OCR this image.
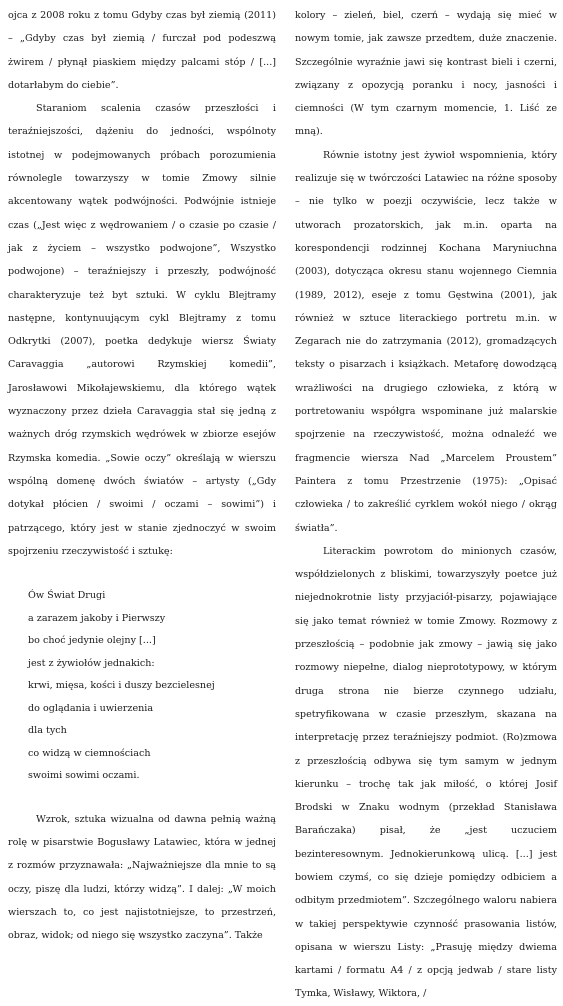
ojca z 2008 roku z tomu Gdyby czas był ziemią (2011) – „Gdyby czas był ziemią / furczał pod podeszwą żwirem / płynął piaskiem między palcami stóp / [...] dotarłabym do ciebie”.

Staraniom scalenia czasów przeszłości i teraźniejszości, dążeniu do jedności, wspólnoty istotnej w podejmowanych próbach porozumienia równolegle towarzyszy w tomie Zmowy silnie akcentowany wątek podwójności. Podwójnie istnieje czas („Jest więc z wędrowaniem / o czasie po czasie / jak z życiem – wszystko podwojone”, Wszystko podwojone) – teraźniejszy i przeszły, podwójność charakteryzuje też byt sztuki. W cyklu Blejtramy następne, kontynuującym cykl Blejtramy z tomu Odkrytki (2007), poetka dedykuje wiersz Światy Caravaggia „autorowi Rzymskiej komedii”, Jarosławowi Mikołajewskiemu, dla którego wątek wyznaczony przez dzieła Caravaggia stał się jedną z ważnych dróg rzymskich wędrówek w zbiorze esejów Rzymska komedia. „Sowie oczy” określają w wierszu wspólną domenę dwóch światów – artysty („Gdy dotykał płócien / swoimi / oczami – sowimi”) i patrzącego, który jest w stanie zjednoczyć w swoim spojrzeniu rzeczywistość i sztukę:

Ów Świat Drugi
a zarazem jakoby i Pierwszy
bo choć jedynie olejny [...]
jest z żywiołów jednakich:
krwi, mięsa, kości i duszy bezcielesnej
do oglądania i uwierzenia
dla tych
co widzą w ciemnościach
swoimi sowimi oczami.

Wzrok, sztuka wizualna od dawna pełnią ważną rolę w pisarstwie Bogusławy Latawiec, która w jednej z rozmów przyznawała: „Najważniejsze dla mnie to są oczy, piszę dla ludzi, którzy widzą”. I dalej: „W moich wierszach to, co jest najistotniejsze, to przestrzeń, obraz, widok; od niego się wszystko zaczyna”. Także

kolory – zieleń, biel, czerń – wydają się mieć w nowym tomie, jak zawsze przedtem, duże znaczenie. Szczególnie wyraźnie jawi się kontrast bieli i czerni, związany z opozycją poranku i nocy, jasności i ciemności (W tym czarnym momencie, 1. Liść ze mną).

Równie istotny jest żywioł wspomnienia, który realizuje się w twórczości Latawiec na różne sposoby – nie tylko w poezji oczywiście, lecz także w utworach prozatorskich, jak m.in. oparta na korespondencji rodzinnej Kochana Maryniuchna (2003), dotycząca okresu stanu wojennego Ciemnia (1989, 2012), eseje z tomu Gęstwina (2001), jak również w sztuce literackiego portretu m.in. w Zegarach nie do zatrzymania (2012), gromadzących teksty o pisarzach i książkach. Metaforę dowodzącą wrażliwości na drugiego człowieka, z którą w portretowaniu współgra wspominane już malarskie spojrzenie na rzeczywistość, można odnaleźć we fragmencie wiersza Nad „Marcelem Proustem” Paintera z tomu Przestrzenie (1975): „Opisać człowieka / to zakreślić cyrklem wokół niego / okrąg światła”.

Literackim powrotom do minionych czasów, współdzielonych z bliskimi, towarzyszyły poetce już niejednokrotnie listy przyjaciół-pisarzy, pojawiające się jako temat również w tomie Zmowy. Rozmowy z przeszłością – podobnie jak zmowy – jawią się jako rozmowy niepełne, dialog nieprototypowy, w którym druga strona nie bierze czynnego udziału, spetryfikowana w czasie przeszłym, skazana na interpretację przez teraźniejszy podmiot. (Ro)zmowa z przeszłością odbywa się tym samym w jednym kierunku – trochę tak jak miłość, o której Josif Brodski w Znaku wodnym (przekład Stanisława Barańczaka) pisał, że „jest uczuciem bezinteresownym. Jednokierunkową ulicą. [...] jest bowiem czymś, co się dzieje pomiędzy odbiciem a odbitym przedmiotem”. Szczególnego waloru nabiera w takiej perspektywie czynność prasowania listów, opisana w wierszu Listy: „Prasuję między dwiema kartami / formatu A4 / z opcją jedwab / stare listy Tymka, Wisławy, Wiktora, /
